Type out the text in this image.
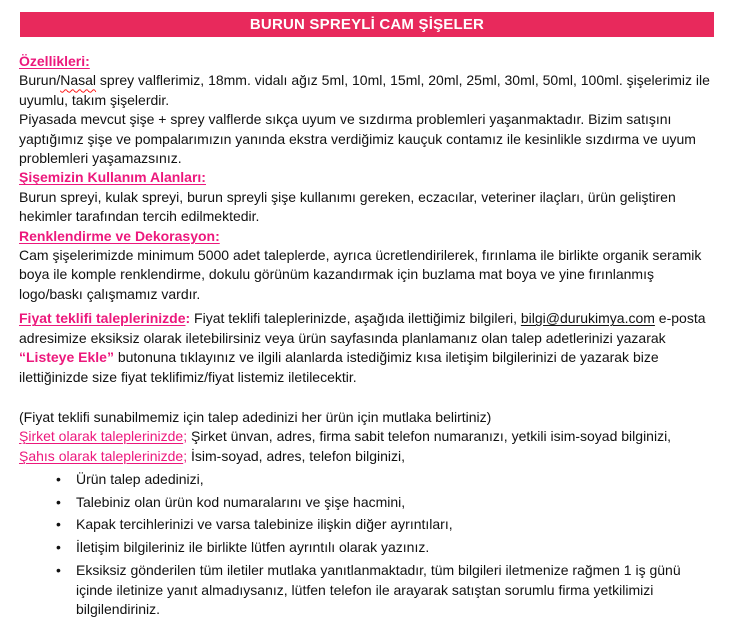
BURUN SPREYLİ CAM ŞİŞELER

Özellikleri:

Burun/Nasal sprey valflerimiz, 18mm. vidalı ağız 5ml, 10ml, 15ml, 20ml, 25ml, 30ml, 50ml, 100ml. şişelerimiz ile uyumlu, takım şişelerdir.

Piyasada mevcut şişe + sprey valflerde sıkça uyum ve sızdırma problemleri yaşanmaktadır. Bizim satışını yaptığımız şişe ve pompalarımızın yanında ekstra verdiğimiz kauçuk contamız ile kesinlikle sızdırma ve uyum problemleri yaşamazsınız.

Şişemizin Kullanım Alanları:

Burun spreyi, kulak spreyi, burun spreyli şişe kullanımı gereken, eczacılar, veteriner ilaçları, ürün geliştiren hekimler tarafından tercih edilmektedir.

Renklendirme ve Dekorasyon:

Cam şişelerimizde minimum 5000 adet taleplerde, ayrıca ücretlendirilerek, fırınlama ile birlikte organik seramik boya ile komple renklendirme, dokulu görünüm kazandırmak için buzlama mat boya ve yine fırınlanmış logo/baskı çalışmamız vardır.

Fiyat teklifi taleplerinizde: Fiyat teklifi taleplerinizde, aşağıda ilettiğimiz bilgileri, bilgi@durukimya.com e-posta adresimize eksiksiz olarak iletebilirsiniz veya ürün sayfasında planlamanız olan talep adetlerinizi yazarak “Listeye Ekle” butonuna tıklayınız ve ilgili alanlarda istediğimiz kısa iletişim bilgilerinizi de yazarak bize ilettiğinizde size fiyat teklifimiz/fiyat listemiz iletilecektir.

(Fiyat teklifi sunabilmemiz için talep adedinizi her ürün için mutlaka belirtiniz)

Şirket olarak taleplerinizde; Şirket ünvan, adres, firma sabit telefon numaranızı, yetkili isim-soyad bilginizi,

Şahıs olarak taleplerinizde; İsim-soyad, adres, telefon bilginizi,

• Ürün talep adedinizi,
• Talebiniz olan ürün kod numaralarını ve şişe hacmini,
• Kapak tercihlerinizi ve varsa talebinize ilişkin diğer ayrıntıları,
• İletişim bilgileriniz ile birlikte lütfen ayrıntılı olarak yazınız.
• Eksiksiz gönderilen tüm iletiler mutlaka yanıtlanmaktadır, tüm bilgileri iletmenize rağmen 1 iş günü içinde iletinize yanıt almadıysanız, lütfen telefon ile arayarak satıştan sorumlu firma yetkilimizi bilgilendiriniz.
